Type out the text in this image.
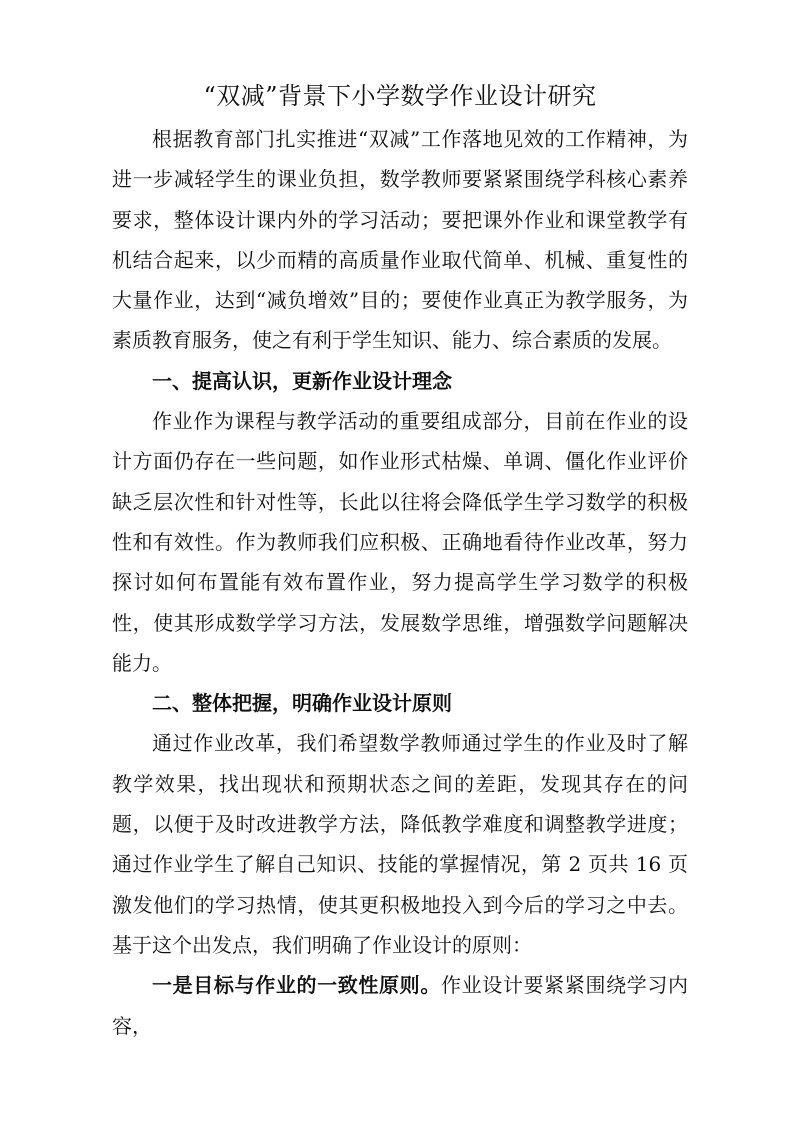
“双减”背景下小学数学作业设计研究

根据教育部门扎实推进“双减”工作落地见效的工作精神，为进一步减轻学生的课业负担，数学教师要紧紧围绕学科核心素养要求，整体设计课内外的学习活动；要把课外作业和课堂教学有机结合起来，以少而精的高质量作业取代简单、机械、重复性的大量作业，达到“减负增效”目的；要使作业真正为教学服务，为素质教育服务，使之有利于学生知识、能力、综合素质的发展。

一、提高认识，更新作业设计理念

作业作为课程与教学活动的重要组成部分，目前在作业的设计方面仍存在一些问题，如作业形式枯燥、单调、僵化作业评价缺乏层次性和针对性等，长此以往将会降低学生学习数学的积极性和有效性。作为教师我们应积极、正确地看待作业改革，努力探讨如何布置能有效布置作业，努力提高学生学习数学的积极性，使其形成数学学习方法，发展数学思维，增强数学问题解决能力。

二、整体把握，明确作业设计原则

通过作业改革，我们希望数学教师通过学生的作业及时了解教学效果，找出现状和预期状态之间的差距，发现其存在的问题，以便于及时改进教学方法，降低教学难度和调整教学进度；通过作业学生了解自己知识、技能的掌握情况，第 2 页共 16 页激发他们的学习热情，使其更积极地投入到今后的学习之中去。基于这个出发点，我们明确了作业设计的原则：

一是目标与作业的一致性原则。作业设计要紧紧围绕学习内容，
